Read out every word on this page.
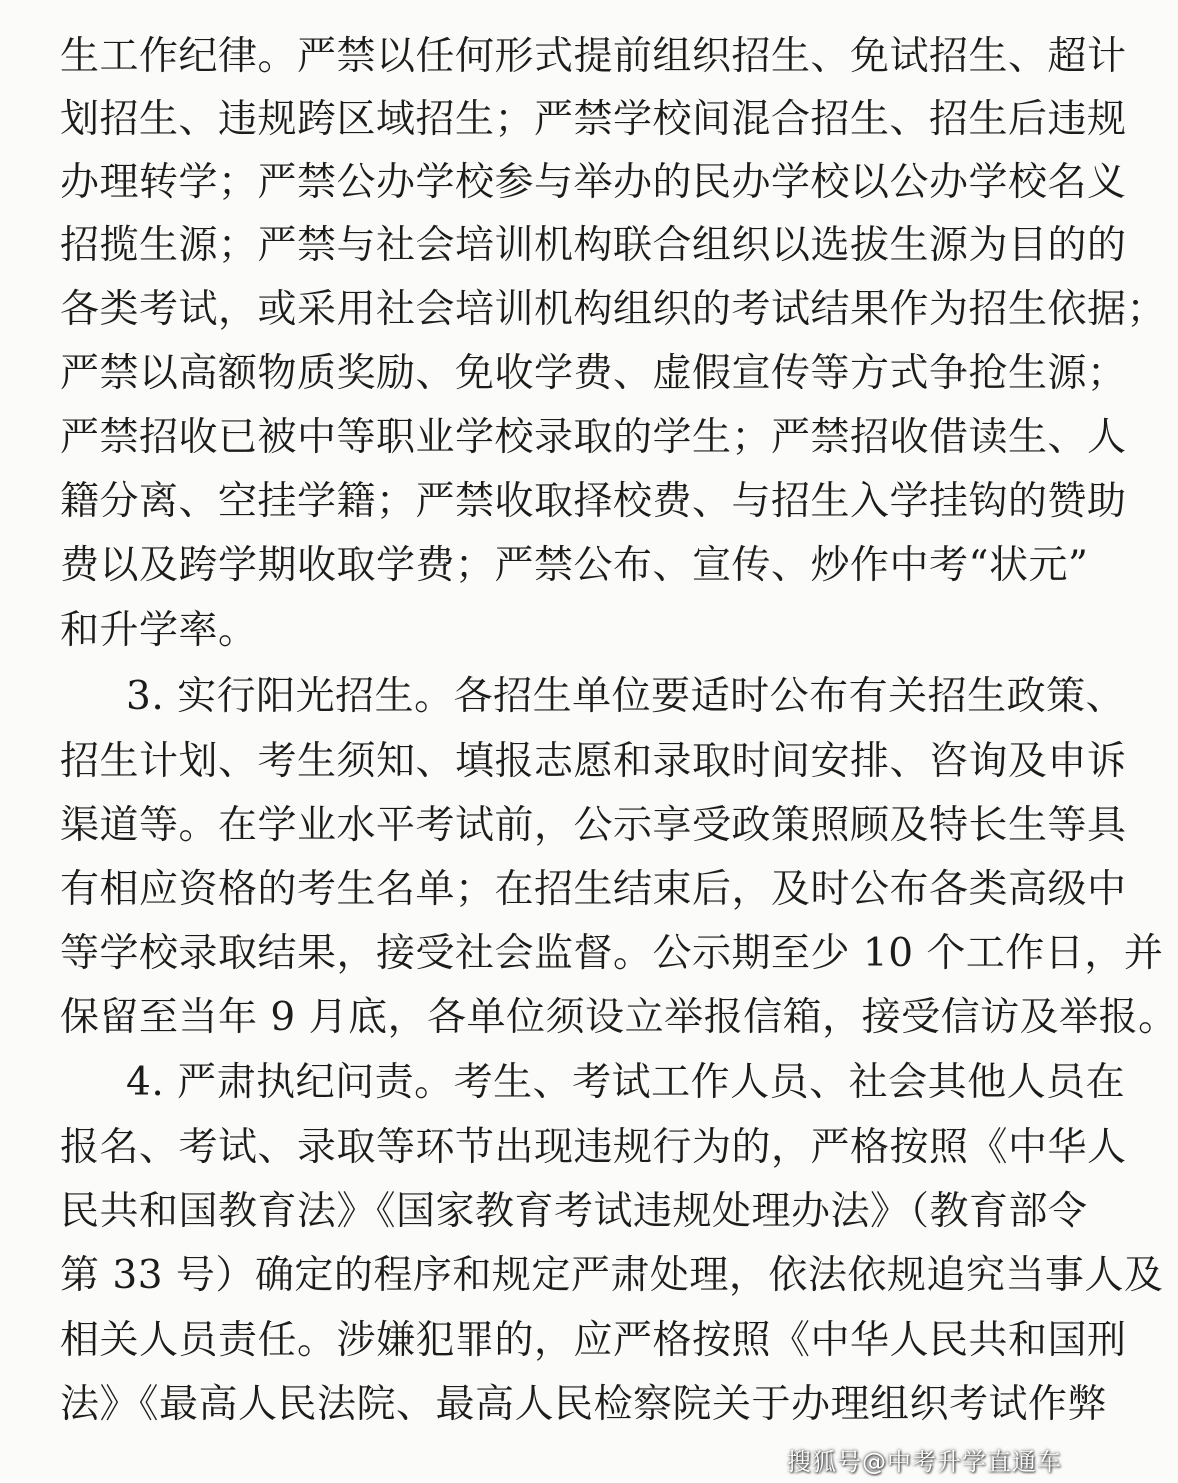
生工作纪律。严禁以任何形式提前组织招生、免试招生、超计
划招生、违规跨区域招生；严禁学校间混合招生、招生后违规
办理转学；严禁公办学校参与举办的民办学校以公办学校名义
招揽生源；严禁与社会培训机构联合组织以选拔生源为目的的
各类考试，或采用社会培训机构组织的考试结果作为招生依据；
严禁以高额物质奖励、免收学费、虚假宣传等方式争抢生源；
严禁招收已被中等职业学校录取的学生；严禁招收借读生、人
籍分离、空挂学籍；严禁收取择校费、与招生入学挂钩的赞助
费以及跨学期收取学费；严禁公布、宣传、炒作中考“状元”
和升学率。
3. 实行阳光招生。各招生单位要适时公布有关招生政策、
招生计划、考生须知、填报志愿和录取时间安排、咨询及申诉
渠道等。在学业水平考试前，公示享受政策照顾及特长生等具
有相应资格的考生名单；在招生结束后，及时公布各类高级中
等学校录取结果，接受社会监督。公示期至少 10 个工作日，并
保留至当年 9 月底，各单位须设立举报信箱，接受信访及举报。
4. 严肃执纪问责。考生、考试工作人员、社会其他人员在
报名、考试、录取等环节出现违规行为的，严格按照《中华人
民共和国教育法》《国家教育考试违规处理办法》（教育部令
第 33 号）确定的程序和规定严肃处理，依法依规追究当事人及
相关人员责任。涉嫌犯罪的，应严格按照《中华人民共和国刑
法》《最高人民法院、最高人民检察院关于办理组织考试作弊
搜狐号@中考升学直通车
